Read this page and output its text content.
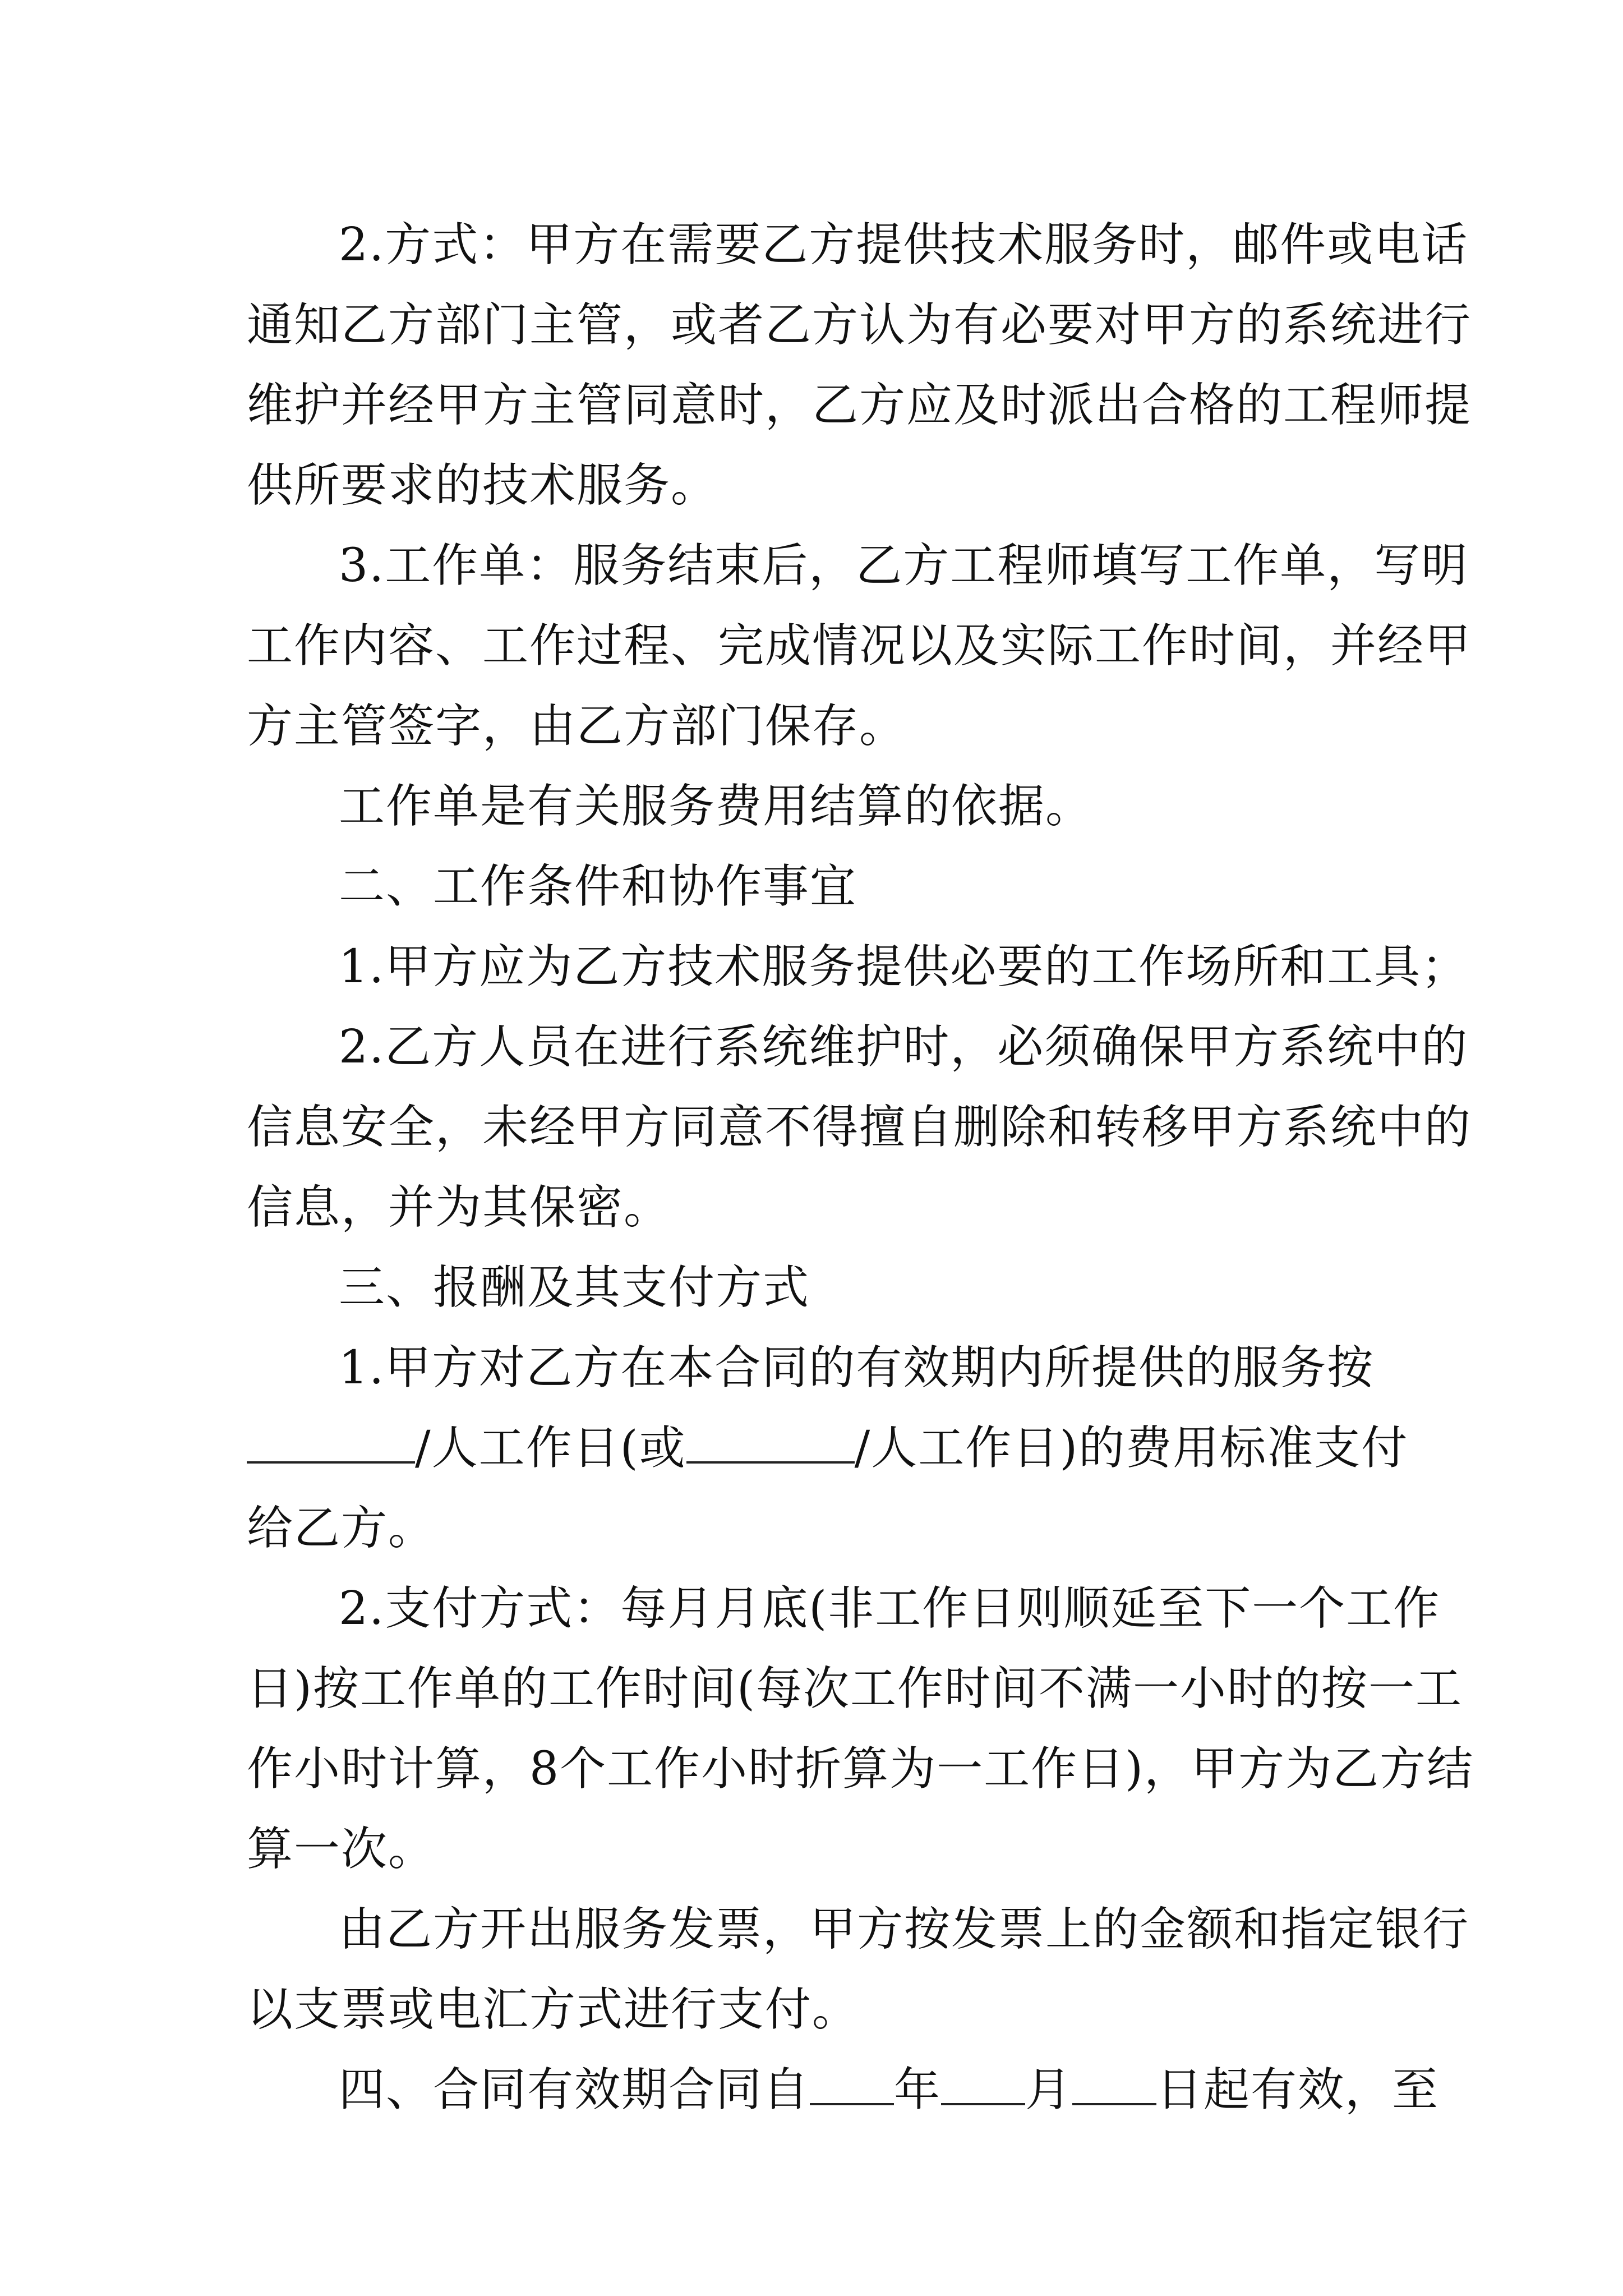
2.方式：甲方在需要乙方提供技术服务时，邮件或电话
通知乙方部门主管，或者乙方认为有必要对甲方的系统进行
维护并经甲方主管同意时，乙方应及时派出合格的工程师提
供所要求的技术服务。
3.工作单：服务结束后，乙方工程师填写工作单，写明
工作内容、工作过程、完成情况以及实际工作时间，并经甲
方主管签字，由乙方部门保存。
工作单是有关服务费用结算的依据。
二、工作条件和协作事宜
1.甲方应为乙方技术服务提供必要的工作场所和工具；
2.乙方人员在进行系统维护时，必须确保甲方系统中的
信息安全，未经甲方同意不得擅自删除和转移甲方系统中的
信息，并为其保密。
三、报酬及其支付方式
1.甲方对乙方在本合同的有效期内所提供的服务按
/人工作日(或	/人工作日)的费用标准支付
给乙方。
2.支付方式：每月月底(非工作日则顺延至下一个工作
日)按工作单的工作时间(每次工作时间不满一小时的按一工
作小时计算，8个工作小时折算为一工作日)，甲方为乙方结
算一次。
由乙方开出服务发票，甲方按发票上的金额和指定银行
以支票或电汇方式进行支付。
四、合同有效期合同自 年 月 日起有效，至
